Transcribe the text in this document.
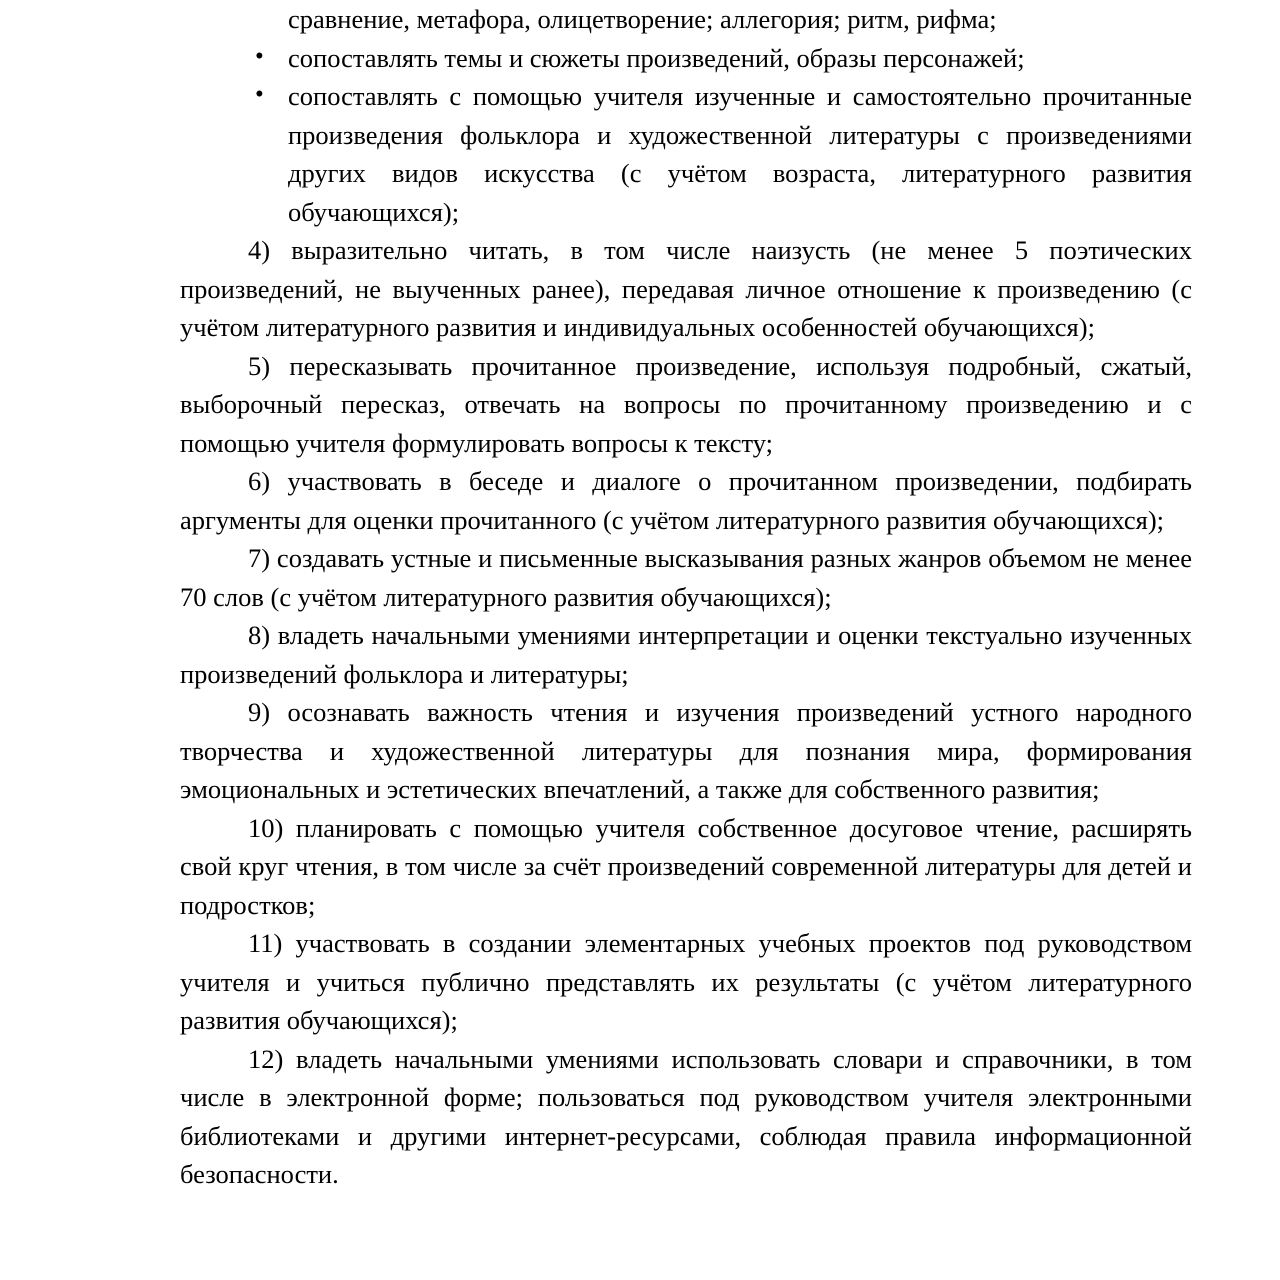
сравнение, метафора, олицетворение; аллегория; ритм, рифма;
• сопоставлять темы и сюжеты произведений, образы персонажей;
• сопоставлять с помощью учителя изученные и самостоятельно прочитанные произведения фольклора и художественной литературы с произведениями других видов искусства (с учётом возраста, литературного развития обучающихся);

4) выразительно читать, в том числе наизусть (не менее 5 поэтических произведений, не выученных ранее), передавая личное отношение к произведению (с учётом литературного развития и индивидуальных особенностей обучающихся);

5) пересказывать прочитанное произведение, используя подробный, сжатый, выборочный пересказ, отвечать на вопросы по прочитанному произведению и с помощью учителя формулировать вопросы к тексту;

6) участвовать в беседе и диалоге о прочитанном произведении, подбирать аргументы для оценки прочитанного (с учётом литературного развития обучающихся);

7) создавать устные и письменные высказывания разных жанров объемом не менее 70 слов (с учётом литературного развития обучающихся);

8) владеть начальными умениями интерпретации и оценки текстуально изученных произведений фольклора и литературы;

9) осознавать важность чтения и изучения произведений устного народного творчества и художественной литературы для познания мира, формирования эмоциональных и эстетических впечатлений, а также для собственного развития;

10) планировать с помощью учителя собственное досуговое чтение, расширять свой круг чтения, в том числе за счёт произведений современной литературы для детей и подростков;

11) участвовать в создании элементарных учебных проектов под руководством учителя и учиться публично представлять их результаты (с учётом литературного развития обучающихся);

12) владеть начальными умениями использовать словари и справочники, в том числе в электронной форме; пользоваться под руководством учителя электронными библиотеками и другими интернет-ресурсами, соблюдая правила информационной безопасности.
